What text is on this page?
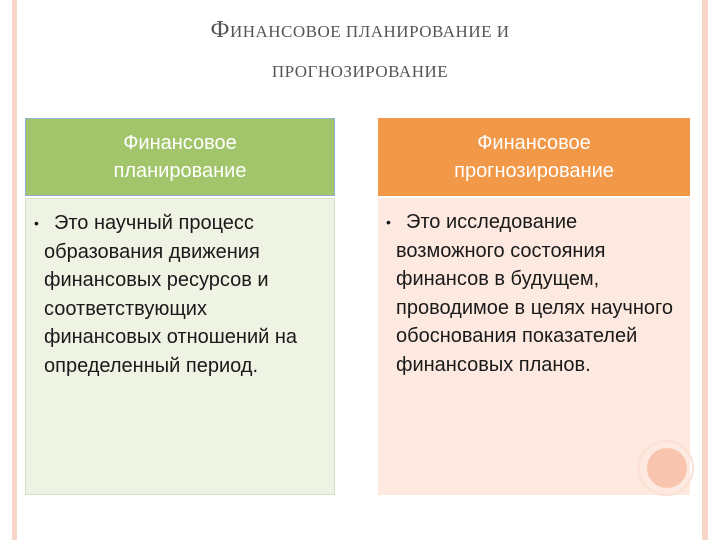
ФИНАНСОВОЕ ПЛАНИРОВАНИЕ И
ПРОГНОЗИРОВАНИЕ
Финансовое планирование
• Это научный процесс образования движения финансовых ресурсов и соответствующих финансовых отношений на определенный период.
Финансовое прогнозирование
• Это исследование возможного состояния финансов в будущем, проводимое в целях научного обоснования показателей финансовых планов.
